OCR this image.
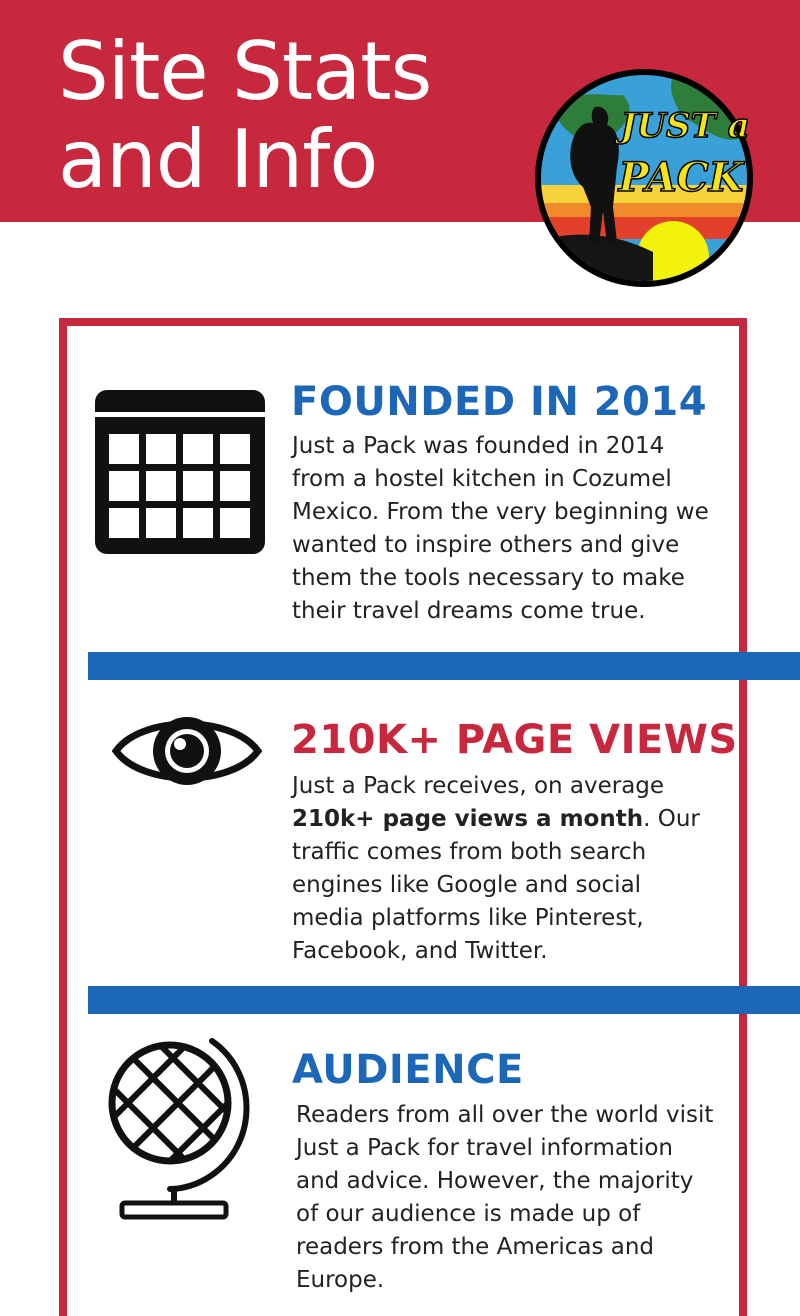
Site Stats
and Info	JUST a
PACK
FOUNDED IN 2014
Just a Pack was founded in 2014 from a hostel kitchen in Cozumel Mexico. From the very beginning we wanted to inspire others and give them the tools necessary to make their travel dreams come true.
210K+ PAGE VIEWS
Just a Pack receives, on average 210k+ page views a month. Our traffic comes from both search engines like Google and social media platforms like Pinterest, Facebook, and Twitter.
AUDIENCE
Readers from all over the world visit Just a Pack for travel information and advice. However, the majority of our audience is made up of readers from the Americas and Europe.
